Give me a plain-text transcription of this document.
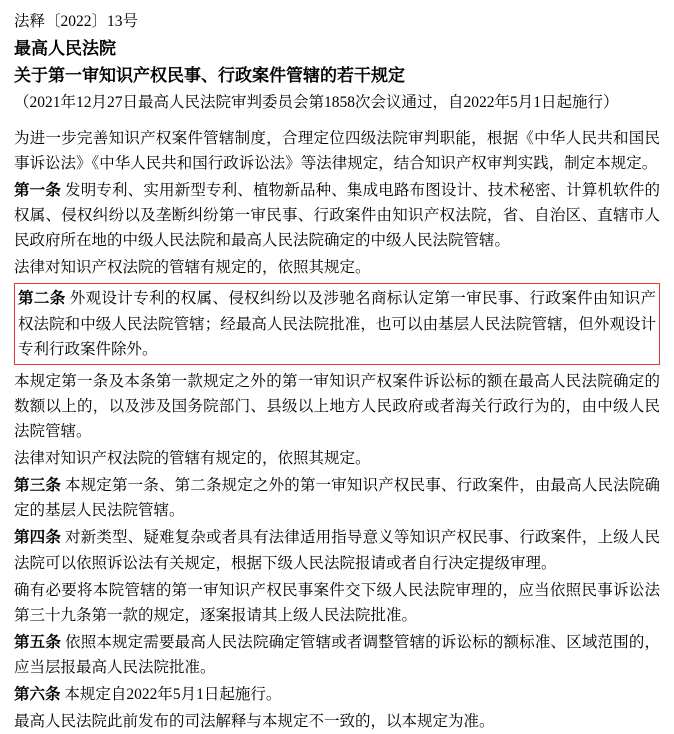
法释〔2022〕13号
最高人民法院
关于第一审知识产权民事、行政案件管辖的若干规定
（2021年12月27日最高人民法院审判委员会第1858次会议通过，自2022年5月1日起施行）

为进一步完善知识产权案件管辖制度，合理定位四级法院审判职能，根据《中华人民共和国民事诉讼法》《中华人民共和国行政诉讼法》等法律规定，结合知识产权审判实践，制定本规定。

第一条 发明专利、实用新型专利、植物新品种、集成电路布图设计、技术秘密、计算机软件的权属、侵权纠纷以及垄断纠纷第一审民事、行政案件由知识产权法院，省、自治区、直辖市人民政府所在地的中级人民法院和最高人民法院确定的中级人民法院管辖。

法律对知识产权法院的管辖有规定的，依照其规定。

第二条 外观设计专利的权属、侵权纠纷以及涉驰名商标认定第一审民事、行政案件由知识产权法院和中级人民法院管辖；经最高人民法院批准，也可以由基层人民法院管辖，但外观设计专利行政案件除外。

本规定第一条及本条第一款规定之外的第一审知识产权案件诉讼标的额在最高人民法院确定的数额以上的，以及涉及国务院部门、县级以上地方人民政府或者海关行政行为的，由中级人民法院管辖。

法律对知识产权法院的管辖有规定的，依照其规定。

第三条 本规定第一条、第二条规定之外的第一审知识产权民事、行政案件，由最高人民法院确定的基层人民法院管辖。

第四条 对新类型、疑难复杂或者具有法律适用指导意义等知识产权民事、行政案件，上级人民法院可以依照诉讼法有关规定，根据下级人民法院报请或者自行决定提级审理。

确有必要将本院管辖的第一审知识产权民事案件交下级人民法院审理的，应当依照民事诉讼法第三十九条第一款的规定，逐案报请其上级人民法院批准。

第五条 依照本规定需要最高人民法院确定管辖或者调整管辖的诉讼标的额标准、区域范围的，应当层报最高人民法院批准。

第六条 本规定自2022年5月1日起施行。

最高人民法院此前发布的司法解释与本规定不一致的，以本规定为准。
